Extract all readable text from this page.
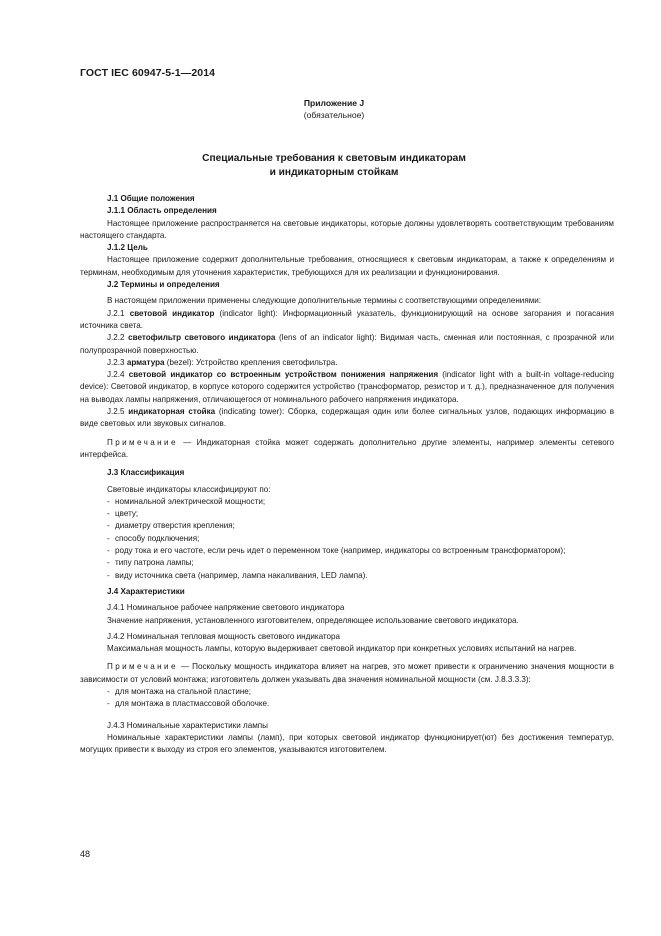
ГОСТ IEC 60947-5-1—2014
Приложение J
(обязательное)
Специальные требования к световым индикаторам
и индикаторным стойкам
J.1 Общие положения
J.1.1 Область определения
Настоящее приложение распространяется на световые индикаторы, которые должны удовлетворять соответствующим требованиям настоящего стандарта.
J.1.2 Цель
Настоящее приложение содержит дополнительные требования, относящиеся к световым индикаторам, а также к определениям и терминам, необходимым для уточнения характеристик, требующихся для их реализации и функционирования.
J.2 Термины и определения
В настоящем приложении применены следующие дополнительные термины с соответствующими определениями:
J.2.1 световой индикатор (indicator light): Информационный указатель, функционирующий на основе загорания и погасания источника света.
J.2.2 светофильтр светового индикатора (lens of an indicator light): Видимая часть, сменная или постоянная, с прозрачной или полупрозрачной поверхностью.
J.2.3 арматура (bezel): Устройство крепления светофильтра.
J.2.4 световой индикатор со встроенным устройством понижения напряжения (indicator light with a built-in voltage-reducing device): Световой индикатор, в корпусе которого содержится устройство (трансформатор, резистор и т. д.), предназначенное для получения на выводах лампы напряжения, отличающегося от номинального рабочего напряжения индикатора.
J.2.5 индикаторная стойка (indicating tower): Сборка, содержащая один или более сигнальных узлов, подающих информацию в виде световых или звуковых сигналов.
Примечание — Индикаторная стойка может содержать дополнительно другие элементы, например элементы сетевого интерфейса.
J.3 Классификация
Световые индикаторы классифицируют по:
- номинальной электрической мощности;
- цвету;
- диаметру отверстия крепления;
- способу подключения;
- роду тока и его частоте, если речь идет о переменном токе (например, индикаторы со встроенным трансформатором);
- типу патрона лампы;
- виду источника света (например, лампа накаливания, LED лампа).
J.4 Характеристики
J.4.1 Номинальное рабочее напряжение светового индикатора
Значение напряжения, установленного изготовителем, определяющее использование светового индикатора.
J.4.2 Номинальная тепловая мощность светового индикатора
Максимальная мощность лампы, которую выдерживает световой индикатор при конкретных условиях испытаний на нагрев.
Примечание — Поскольку мощность индикатора влияет на нагрев, это может привести к ограничению значения мощности в зависимости от условий монтажа; изготовитель должен указывать два значения номинальной мощности (см. J.8.3.3.3):
- для монтажа на стальной пластине;
- для монтажа в пластмассовой оболочке.
J.4.3 Номинальные характеристики лампы
Номинальные характеристики лампы (ламп), при которых световой индикатор функционирует(ют) без достижения температур, могущих привести к выходу из строя его элементов, указываются изготовителем.
48
